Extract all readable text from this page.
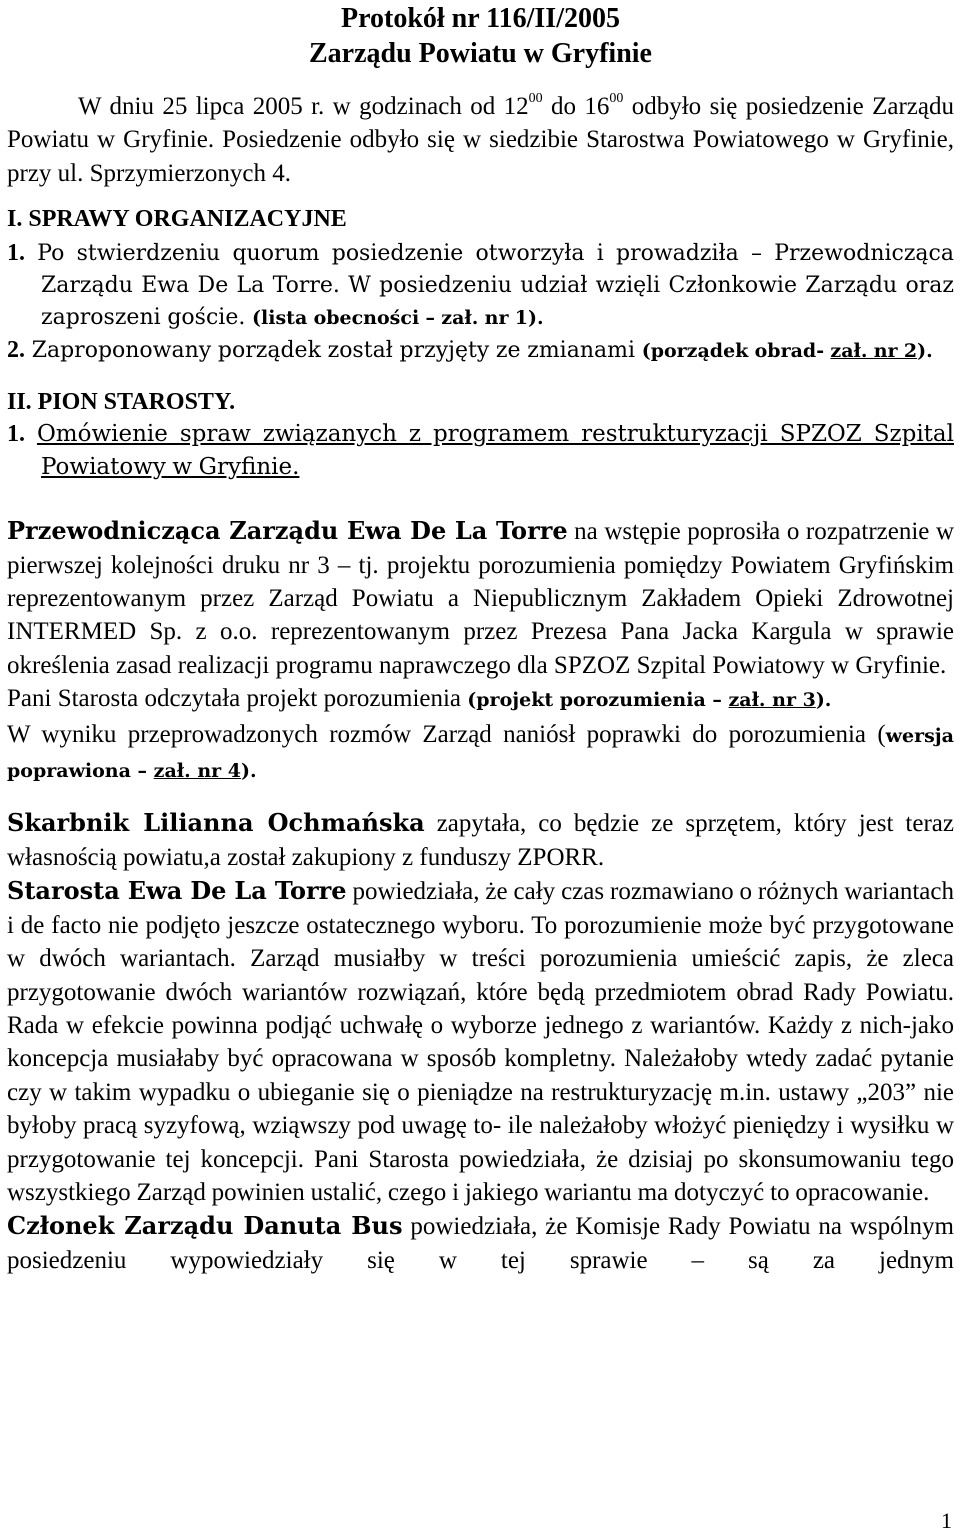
Protokół nr 116/II/2005

Zarządu Powiatu w Gryfinie

W dniu 25 lipca 2005 r. w godzinach od $12^{00}$ do $16^{00}$ odbyło się posiedzenie Zarządu Powiatu w Gryfinie. Posiedzenie odbyło się w siedzibie Starostwa Powiatowego w Gryfinie, przy ul. Sprzymierzonych 4.

I. SPRAWY ORGANIZACYJNE

1. Po stwierdzeniu quorum posiedzenie otworzyła i prowadziła – Przewodnicząca Zarządu Ewa De La Torre. W posiedzeniu udział wzięli Członkowie Zarządu oraz zaproszeni goście. (lista obecności – zał. nr 1).

2. Zaproponowany porządek został przyjęty ze zmianami (porządek obrad- zał. nr 2).

II. PION STAROSTY.

1. Omówienie spraw związanych z programem restrukturyzacji SPZOZ Szpital Powiatowy w Gryfinie.

Przewodnicząca Zarządu Ewa De La Torre na wstępie poprosiła o rozpatrzenie w pierwszej kolejności druku nr 3 – tj. projektu porozumienia pomiędzy Powiatem Gryfińskim reprezentowanym przez Zarząd Powiatu a Niepublicznym Zakładem Opieki Zdrowotnej INTERMED Sp. z o.o. reprezentowanym przez Prezesa Pana Jacka Kargula w sprawie określenia zasad realizacji programu naprawczego dla SPZOZ Szpital Powiatowy w Gryfinie.

Pani Starosta odczytała projekt porozumienia (projekt porozumienia – zał. nr 3).

W wyniku przeprowadzonych rozmów Zarząd naniósł poprawki do porozumienia (wersja poprawiona – zał. nr 4).

Skarbnik Lilianna Ochmańska zapytała, co będzie ze sprzętem, który jest teraz własnością powiatu,a został zakupiony z funduszy ZPORR.

Starosta Ewa De La Torre powiedziała, że cały czas rozmawiano o różnych wariantach i de facto nie podjęto jeszcze ostatecznego wyboru. To porozumienie może być przygotowane w dwóch wariantach. Zarząd musiałby w treści porozumienia umieścić zapis, że zleca przygotowanie dwóch wariantów rozwiązań, które będą przedmiotem obrad Rady Powiatu. Rada w efekcie powinna podjąć uchwałę o wyborze jednego z wariantów. Każdy z nich-jako koncepcja musiałaby być opracowana w sposób kompletny. Należałoby wtedy zadać pytanie czy w takim wypadku o ubieganie się o pieniądze na restrukturyzację m.in. ustawy „203” nie byłoby pracą syzyfową, wziąwszy pod uwagę to- ile należałoby włożyć pieniędzy i wysiłku w przygotowanie tej koncepcji. Pani Starosta powiedziała, że dzisiaj po skonsumowaniu tego wszystkiego Zarząd powinien ustalić, czego i jakiego wariantu ma dotyczyć to opracowanie.

Członek Zarządu Danuta Bus powiedziała, że Komisje Rady Powiatu na wspólnym posiedzeniu wypowiedziały się w tej sprawie – są za jednym

1
